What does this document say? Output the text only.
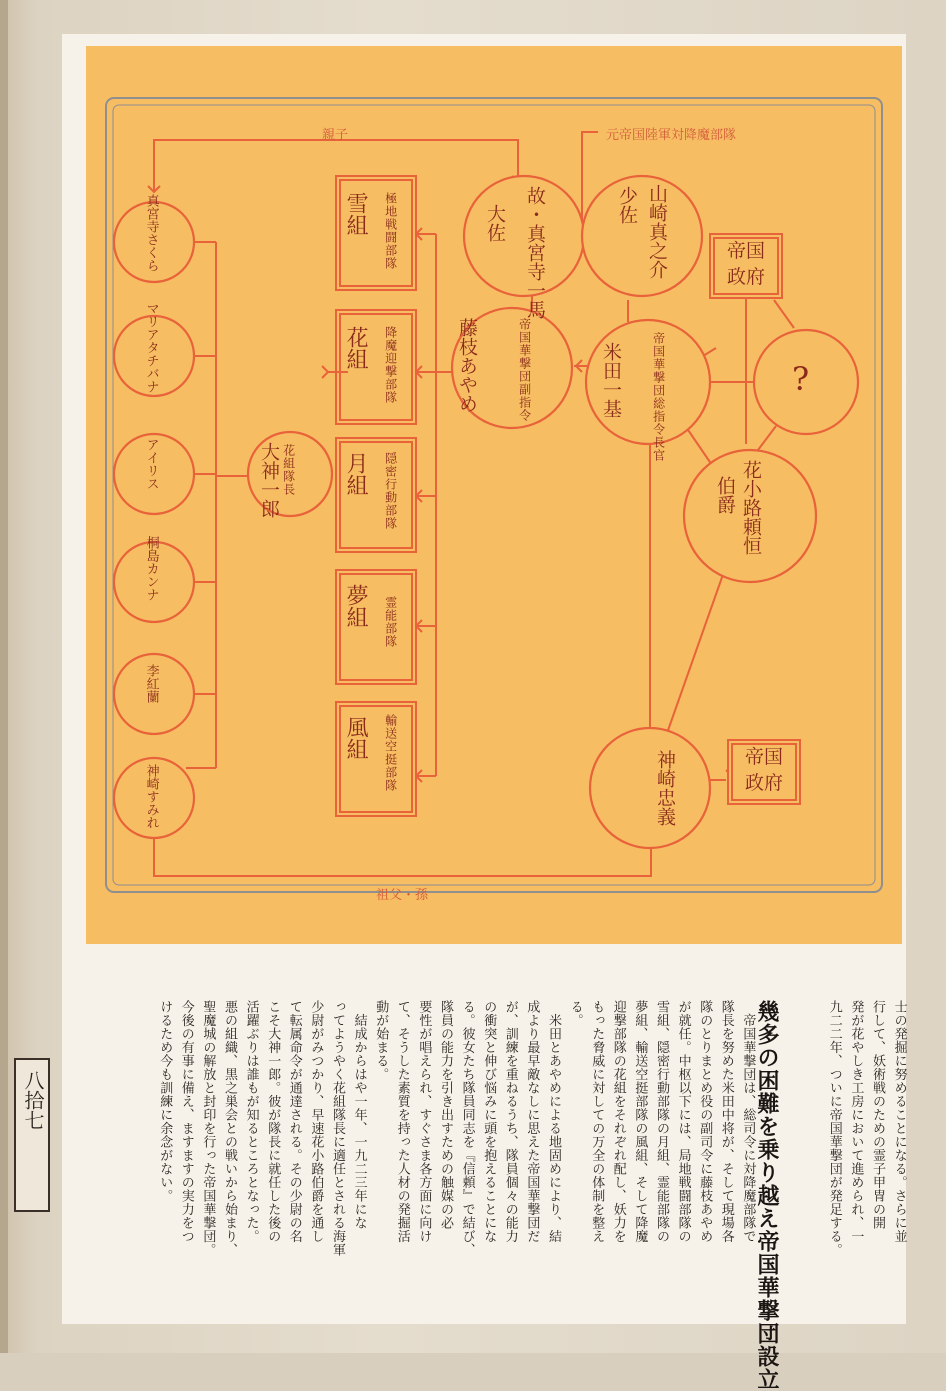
親子
祖父・孫
元帝国陸軍対降魔部隊
真宮寺さくら
マリアタチバナ
アイリス
桐島カンナ
李紅蘭
神崎すみれ
花組隊長
大神一郎
雪組 極地戦闘部隊
花組 降魔迎撃部隊
月組 隠密行動部隊
夢組 霊能部隊
風組 輸送空挺部隊
故・真宮寺一馬
大佐	山崎真之介
少佐
帝国華撃団副指令
藤枝あやめ	帝国華撃団総指令長官
米田一基	?
花小路頼恒
伯爵
神崎忠義
帝国政府
帝国政府
幾多の困難を乗り越え帝国華撃団設立	士の発掘に努めることになる。さらに並
行して、妖術戦のための霊子甲冑の開
発が花やしき工房において進められ、一
九二二年、ついに帝国華撃団が発足する。
　帝国華撃団は、総司令に対降魔部隊で
隊長を努めた米田中将が、そして現場各
隊のとりまとめ役の副司令に藤枝あやめ
が就任。中枢以下には、局地戦闘部隊の
雪組、隠密行動部隊の月組、霊能部隊の
夢組、輸送空挺部隊の風組、そして降魔
迎撃部隊の花組をそれぞれ配し、妖力を
もった脅威に対しての万全の体制を整え
る。
　米田とあやめによる地固めにより、結
成より最早敵なしに思えた帝国華撃団だ
が、訓練を重ねるうち、隊員個々の能力
の衝突と伸び悩みに頭を抱えることにな
る。彼女たち隊員同志を『信頼』で結び、
隊員の能力を引き出すための触媒の必
要性が唱えられ、すぐさま各方面に向け
て、そうした素質を持った人材の発掘活
動が始まる。
　結成からはや一年、一九二三年にな
ってようやく花組隊長に適任とされる海軍
少尉がみつかり、早速花小路伯爵を通し
て転属命令が通達される。その少尉の名
こそ大神一郎。彼が隊長に就任した後の
活躍ぶりは誰もが知るところとなった。
悪の組織、黒之巣会との戦いから始まり、
聖魔城の解放と封印を行った帝国華撃団。
今後の有事に備え、ますますの実力をつ
けるため今も訓練に余念がない。
八拾七
